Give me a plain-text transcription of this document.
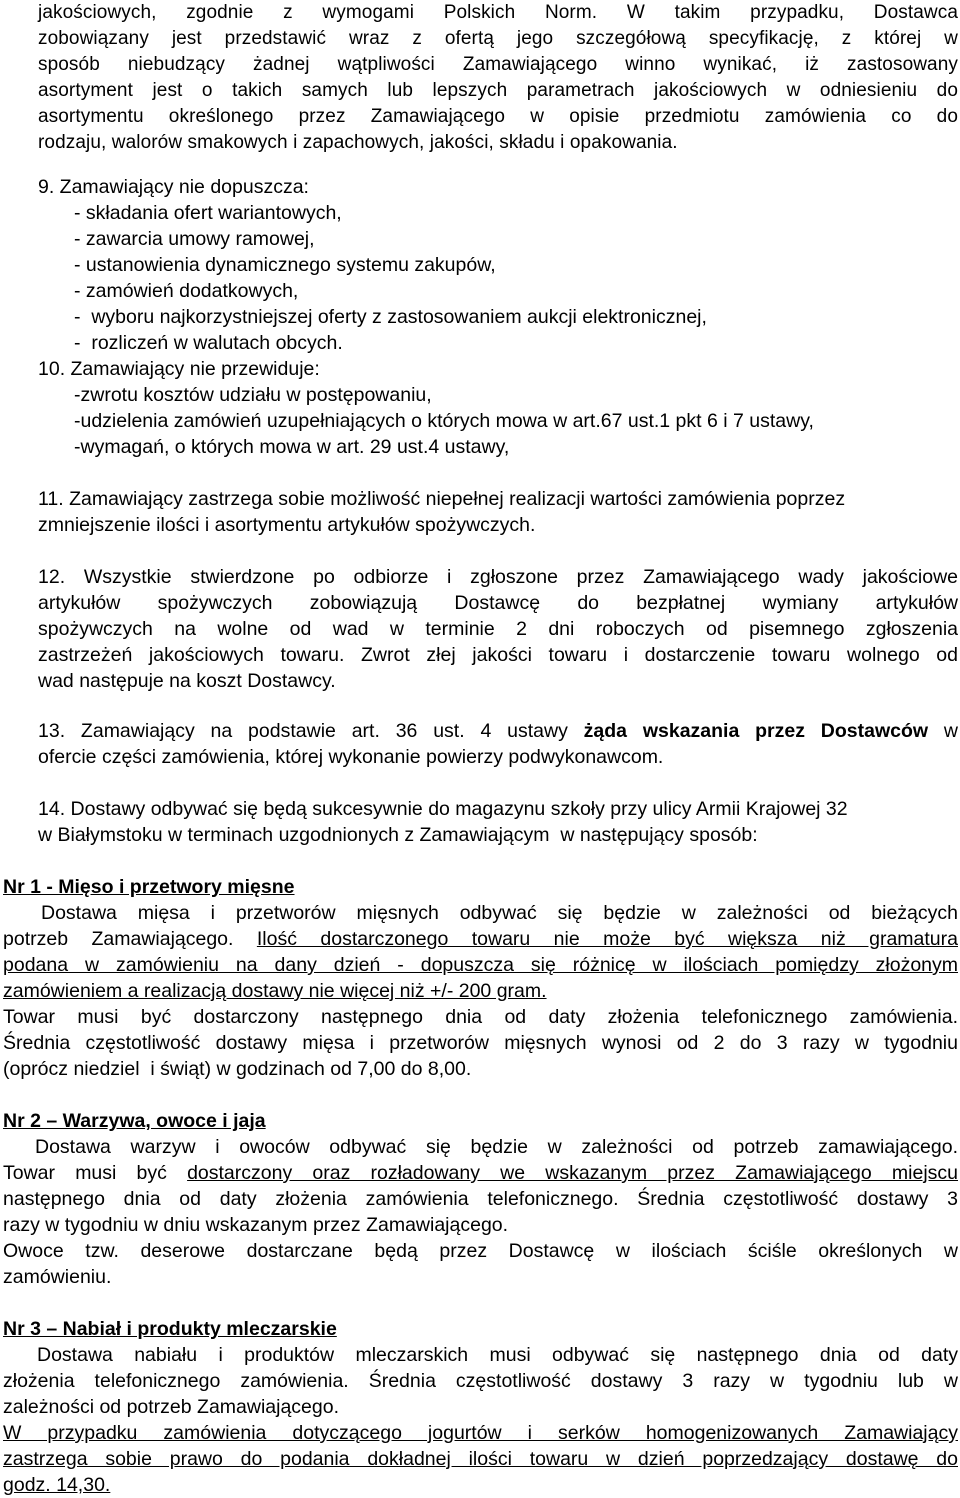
jakościowych, zgodnie z wymogami Polskich Norm. W takim przypadku, Dostawca
zobowiązany jest przedstawić wraz z ofertą jego szczegółową specyfikację, z której w
sposób niebudzący żadnej wątpliwości Zamawiającego winno wynikać, iż zastosowany
asortyment jest o takich samych lub lepszych parametrach jakościowych w odniesieniu do
asortymentu określonego przez Zamawiającego w opisie przedmiotu zamówienia co do
rodzaju, walorów smakowych i zapachowych, jakości, składu i opakowania.
9. Zamawiający nie dopuszcza:
- składania ofert wariantowych,
- zawarcia umowy ramowej,
- ustanowienia dynamicznego systemu zakupów,
- zamówień dodatkowych,
-  wyboru najkorzystniejszej oferty z zastosowaniem aukcji elektronicznej,
-  rozliczeń w walutach obcych.
10. Zamawiający nie przewiduje:
-zwrotu kosztów udziału w postępowaniu,
-udzielenia zamówień uzupełniających o których mowa w art.67 ust.1 pkt 6 i 7 ustawy,
-wymagań, o których mowa w art. 29 ust.4 ustawy,
11. Zamawiający zastrzega sobie możliwość niepełnej realizacji wartości zamówienia poprzez
zmniejszenie ilości i asortymentu artykułów spożywczych.
12. Wszystkie stwierdzone po odbiorze i zgłoszone przez Zamawiającego wady jakościowe
artykułów spożywczych zobowiązują Dostawcę do bezpłatnej wymiany artykułów
spożywczych na wolne od wad w terminie 2 dni roboczych od pisemnego zgłoszenia
zastrzeżeń jakościowych towaru. Zwrot złej jakości towaru i dostarczenie towaru wolnego od
wad następuje na koszt Dostawcy.
13. Zamawiający na podstawie art. 36 ust. 4 ustawy żąda wskazania przez Dostawców w
ofercie części zamówienia, której wykonanie powierzy podwykonawcom.
14. Dostawy odbywać się będą sukcesywnie do magazynu szkoły przy ulicy Armii Krajowej 32
w Białymstoku w terminach uzgodnionych z Zamawiającym  w następujący sposób:
Nr 1 - Mięso i przetwory mięsne
Dostawa mięsa i przetworów mięsnych odbywać się będzie w zależności od bieżących
potrzeb Zamawiającego. Ilość dostarczonego towaru nie może być większa niż gramatura
podana w zamówieniu na dany dzień - dopuszcza się różnicę w ilościach pomiędzy złożonym
zamówieniem a realizacją dostawy nie więcej niż +/- 200 gram.
Towar musi być dostarczony następnego dnia od daty złożenia telefonicznego zamówienia.
Średnia częstotliwość dostawy mięsa i przetworów mięsnych wynosi od 2 do 3 razy w tygodniu
(oprócz niedziel  i świąt) w godzinach od 7,00 do 8,00.
Nr 2 – Warzywa, owoce i jaja
Dostawa warzyw i owoców odbywać się będzie w zależności od potrzeb zamawiającego.
Towar musi być dostarczony oraz rozładowany we wskazanym przez Zamawiającego miejscu
następnego dnia od daty złożenia zamówienia telefonicznego. Średnia częstotliwość dostawy 3
razy w tygodniu w dniu wskazanym przez Zamawiającego.
Owoce tzw. deserowe dostarczane będą przez Dostawcę w ilościach ściśle określonych w
zamówieniu.
Nr 3 – Nabiał i produkty mleczarskie
Dostawa nabiału i produktów mleczarskich musi odbywać się następnego dnia od daty
złożenia telefonicznego zamówienia. Średnia częstotliwość dostawy 3 razy w tygodniu lub w
zależności od potrzeb Zamawiającego.
W przypadku zamówienia dotyczącego jogurtów i serków homogenizowanych Zamawiający
zastrzega sobie prawo do podania dokładnej ilości towaru w dzień poprzedzający dostawę do
godz. 14,30.
